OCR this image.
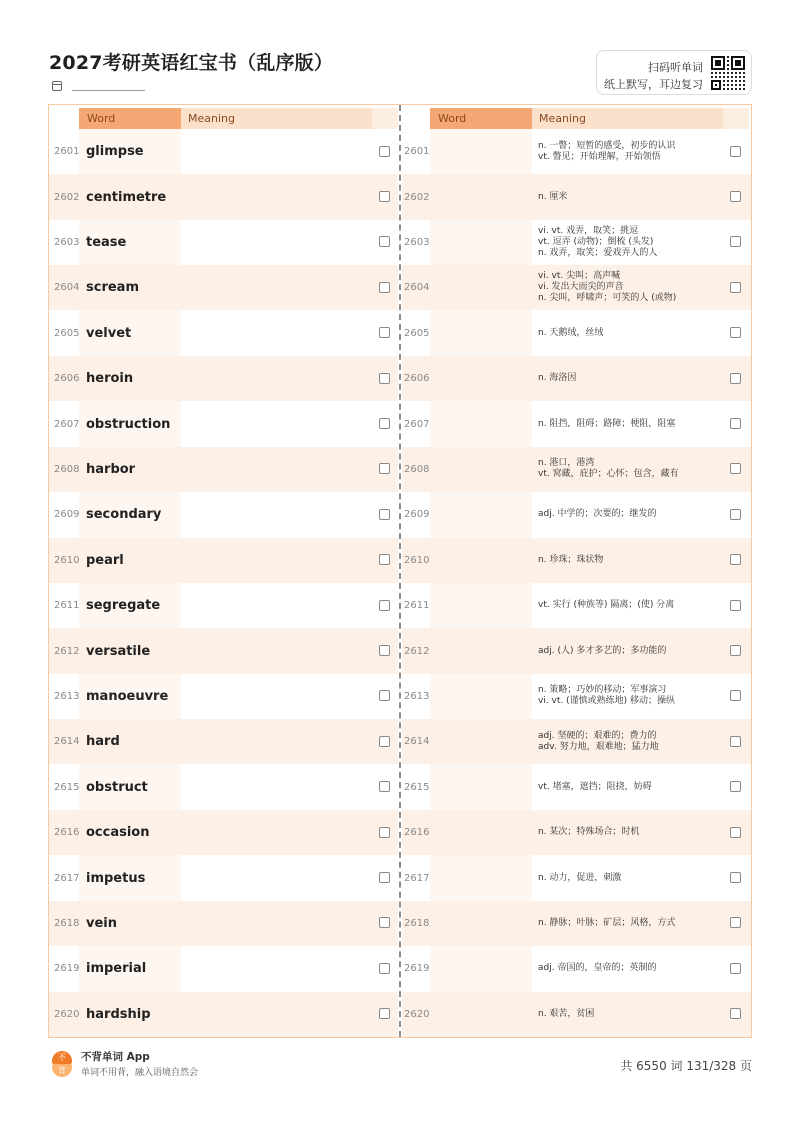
2027考研英语红宝书（乱序版）	扫码听单词
纸上默写，耳边复习
Word	Meaning
2601 glimpse
2602 centimetre
2603 tease
2604 scream
2605 velvet
2606 heroin
2607 obstruction
2608 harbor
2609 secondary
2610 pearl
2611 segregate
2612 versatile
2613 manoeuvre
2614 hard
2615 obstruct
2616 occasion
2617 impetus
2618 vein
2619 imperial
2620 hardship
Word	Meaning
2601
n. 一瞥；短暂的感受，初步的认识
vt. 瞥见；开始理解，开始领悟
2602	n. 厘米
2603
vi. vt. 戏弄，取笑；挑逗
vt. 逗弄 (动物)；倒梳 (头发)
n. 戏弄，取笑；爱戏弄人的人
2604
vi. vt. 尖叫；高声喊
vi. 发出大而尖的声音
n. 尖叫，呼啸声；可笑的人 (或物)
2605	n. 天鹅绒，丝绒
2606	n. 海洛因
2607	n. 阻挡，阻碍；路障；梗阻，阻塞
2608
n. 港口，港湾
vt. 窝藏，庇护；心怀；包含，藏有
2609	adj. 中学的；次要的；继发的
2610	n. 珍珠；珠状物
2611	vt. 实行 (种族等) 隔离；(使) 分离
2612	adj. (人) 多才多艺的；多功能的
2613
n. 策略；巧妙的移动；军事演习
vi. vt. (谨慎或熟练地) 移动；操纵
2614
adj. 坚硬的；艰难的；费力的
adv. 努力地，艰难地；猛力地
2615	vt. 堵塞，遮挡；阻挠，妨碍
2616	n. 某次；特殊场合；时机
2617	n. 动力，促进，刺激
2618	n. 静脉；叶脉；矿层；风格，方式
2619	adj. 帝国的，皇帝的；英制的
2620	n. 艰苦，贫困
不
背
不背单词 App
单词不用背，融入语境自然会	共 6550 词 131/328 页
